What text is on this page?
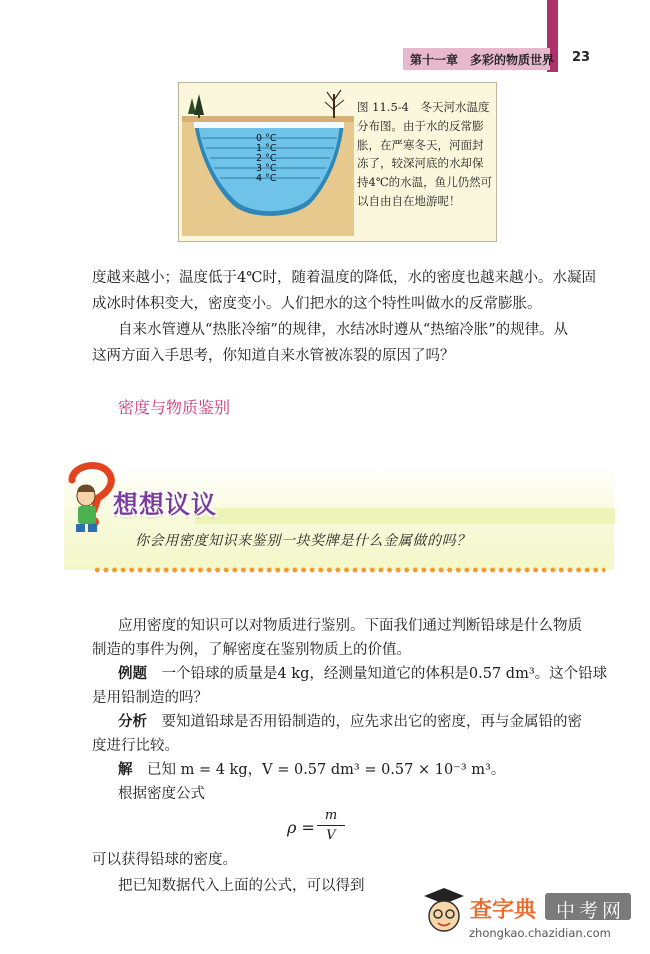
第十一章　多彩的物质世界 23
0 °C
1 °C
2 °C
3 °C
4 °C
图 11.5-4　冬天河水温度分布图。由于水的反常膨胀，在严寒冬天，河面封冻了，较深河底的水却保持4℃的水温，鱼儿仍然可以自由自在地游呢！
度越来越小；温度低于4℃时，随着温度的降低，水的密度也越来越小。水凝固
成冰时体积变大，密度变小。人们把水的这个特性叫做水的反常膨胀。
自来水管遵从“热胀冷缩”的规律，水结冰时遵从“热缩冷胀”的规律。从
这两方面入手思考，你知道自来水管被冻裂的原因了吗？
密度与物质鉴别
想想议议
你会用密度知识来鉴别一块奖牌是什么金属做的吗？
应用密度的知识可以对物质进行鉴别。下面我们通过判断铅球是什么物质
制造的事件为例，了解密度在鉴别物质上的价值。
例题　一个铅球的质量是4 kg，经测量知道它的体积是0.57 dm³。这个铅球
是用铅制造的吗？
分析　要知道铅球是否用铅制造的，应先求出它的密度，再与金属铅的密
度进行比较。
解　已知 m = 4 kg，V = 0.57 dm³ = 0.57 × 10⁻³ m³。
根据密度公式
ρ =
m
V
可以获得铅球的密度。
把已知数据代入上面的公式，可以得到
查字典 中考网
zhongkao.chazidian.com
